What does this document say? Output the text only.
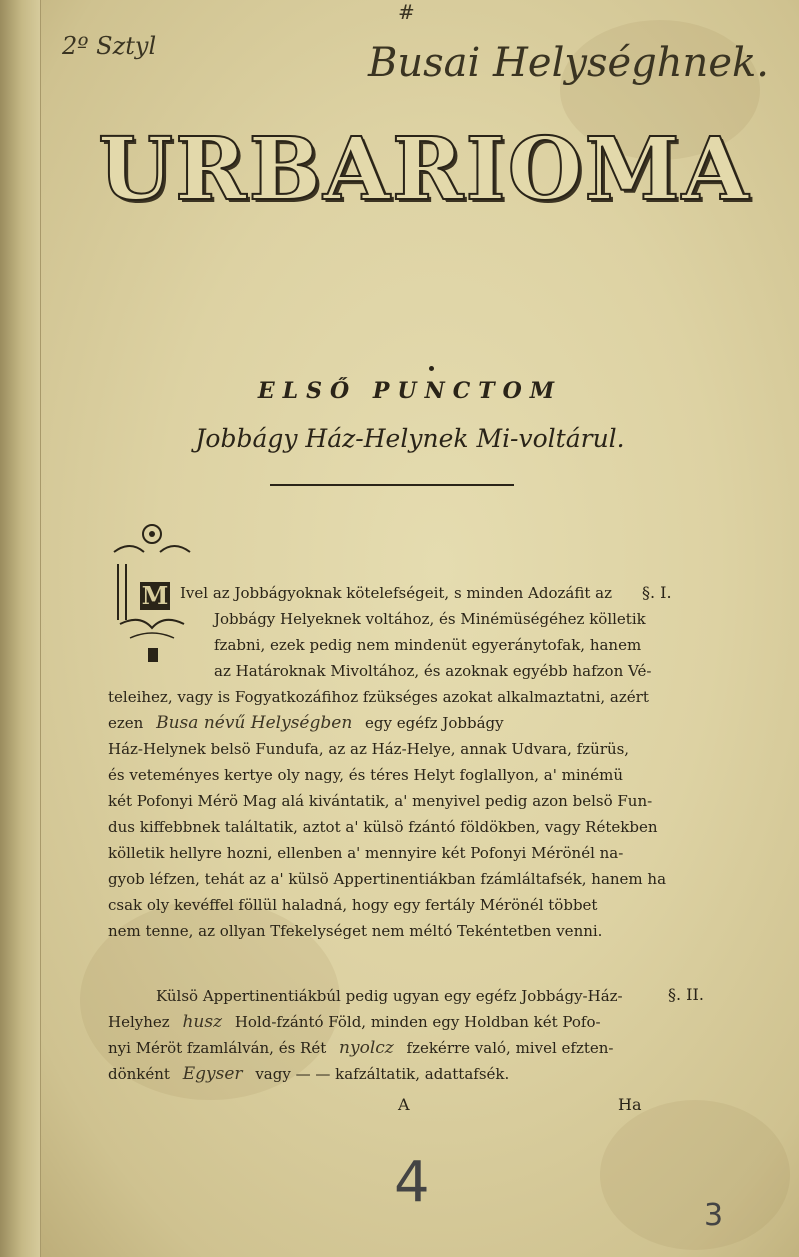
#
2º Sztyl	Busai Helységhnek.
URBARIOMA
ELSŐ PUNCTOM
Jobbágy Ház-Helynek Mi-voltárul.
M	§. I.
§. II.
Ivel az Jobbágyoknak kötelefségeit, s minden Adozáfit az
Jobbágy Helyeknek voltához, és Minémüségéhez kölletik
fzabni, ezek pedig nem mindenüt egyeránytofak, hanem
az Határoknak Mivoltához, és azoknak egyébb hafzon Vé-
teleihez, vagy is Fogyatkozáfihoz fzükséges azokat alkalmaztatni, azért
ezen Busa névű Helységben egy egéfz Jobbágy
Ház-Helynek belsö Fundufa, az az Ház-Helye, annak Udvara, fzürüs,
és veteményes kertye oly nagy, és téres Helyt foglallyon, a' minémü
két Pofonyi Mérö Mag alá kivántatik, a' menyivel pedig azon belsö Fun-
dus kiffebbnek találtatik, aztot a' külsö fzántó földökben, vagy Rétekben
kölletik hellyre hozni, ellenben a' mennyire két Pofonyi Mérönél na-
gyob léfzen, tehát az a' külsö Appertinentiákban fzámláltafsék, hanem ha
csak oly kevéffel föllül haladná, hogy egy fertály Mérönél többet
nem tenne, az ollyan Tfekelységet nem méltó Tekéntetben venni.
Külsö Appertinentiákbúl pedig ugyan egy egéfz Jobbágy-Ház-
Helyhez husz Hold-fzántó Föld, minden egy Holdban két Pofo-
nyi Méröt fzamlálván, és Rét nyolcz fzekérre való, mivel efzten-
dönként Egyser vagy — — kafzáltatik, adattafsék.
A	Ha
4
3
